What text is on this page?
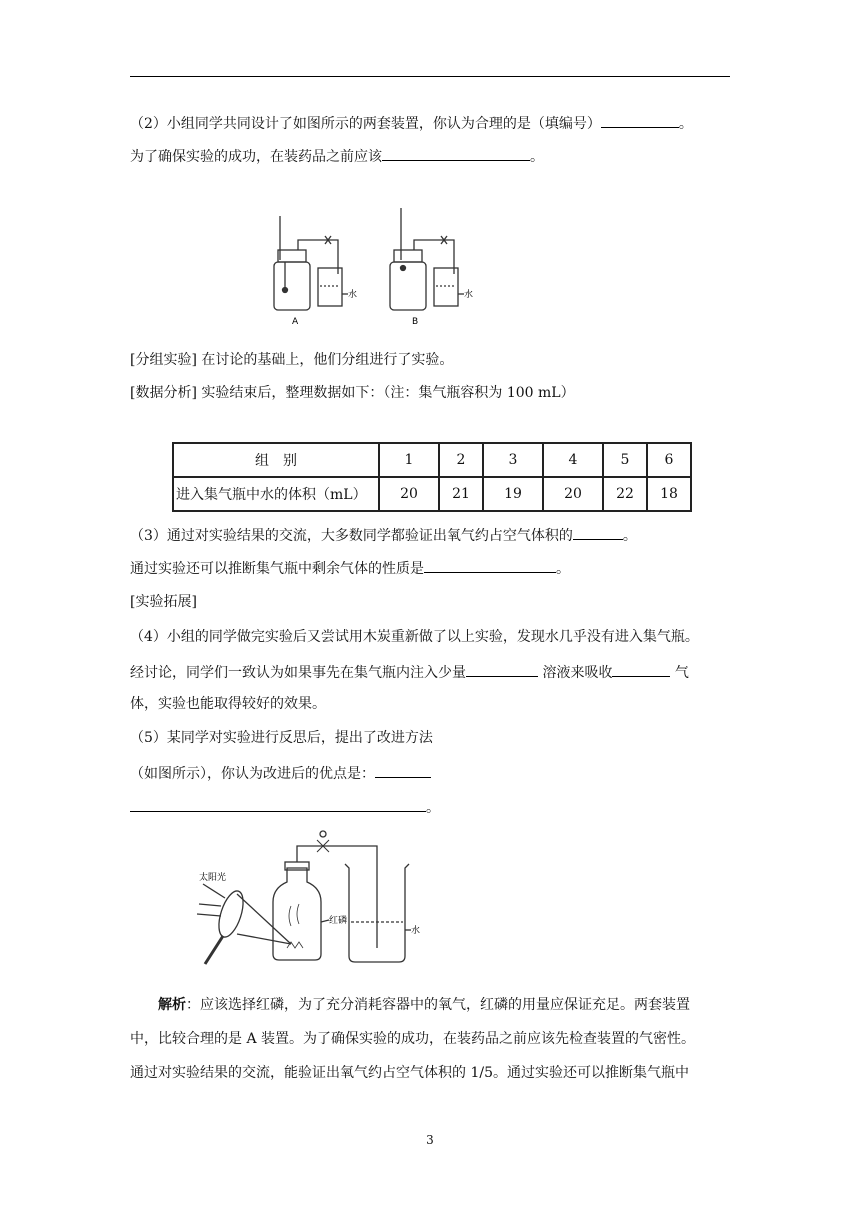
（2）小组同学共同设计了如图所示的两套装置，你认为合理的是（填编号）	。
为了确保实验的成功，在装药品之前应该	。
A	B
水	水
[分组实验] 在讨论的基础上，他们分组进行了实验。
[数据分析] 实验结束后，整理数据如下：（注：集气瓶容积为 100 mL）
组　别	1	2	3	4	5	6
进入集气瓶中水的体积（mL）	20	21	19	20	22	18
（3）通过对实验结果的交流，大多数同学都验证出氧气约占空气体积的	。
通过实验还可以推断集气瓶中剩余气体的性质是	。
[实验拓展]
（4）小组的同学做完实验后又尝试用木炭重新做了以上实验，发现水几乎没有进入集气瓶。
经讨论，同学们一致认为如果事先在集气瓶内注入少量	溶液来吸收	气
体，实验也能取得较好的效果。
（5）某同学对实验进行反思后，提出了改进方法
（如图所示），你认为改进后的优点是：
。
太阳光
红磷
水
解析：应该选择红磷，为了充分消耗容器中的氧气，红磷的用量应保证充足。两套装置
中，比较合理的是 A 装置。为了确保实验的成功，在装药品之前应该先检查装置的气密性。
通过对实验结果的交流，能验证出氧气约占空气体积的 1/5。通过实验还可以推断集气瓶中
3
